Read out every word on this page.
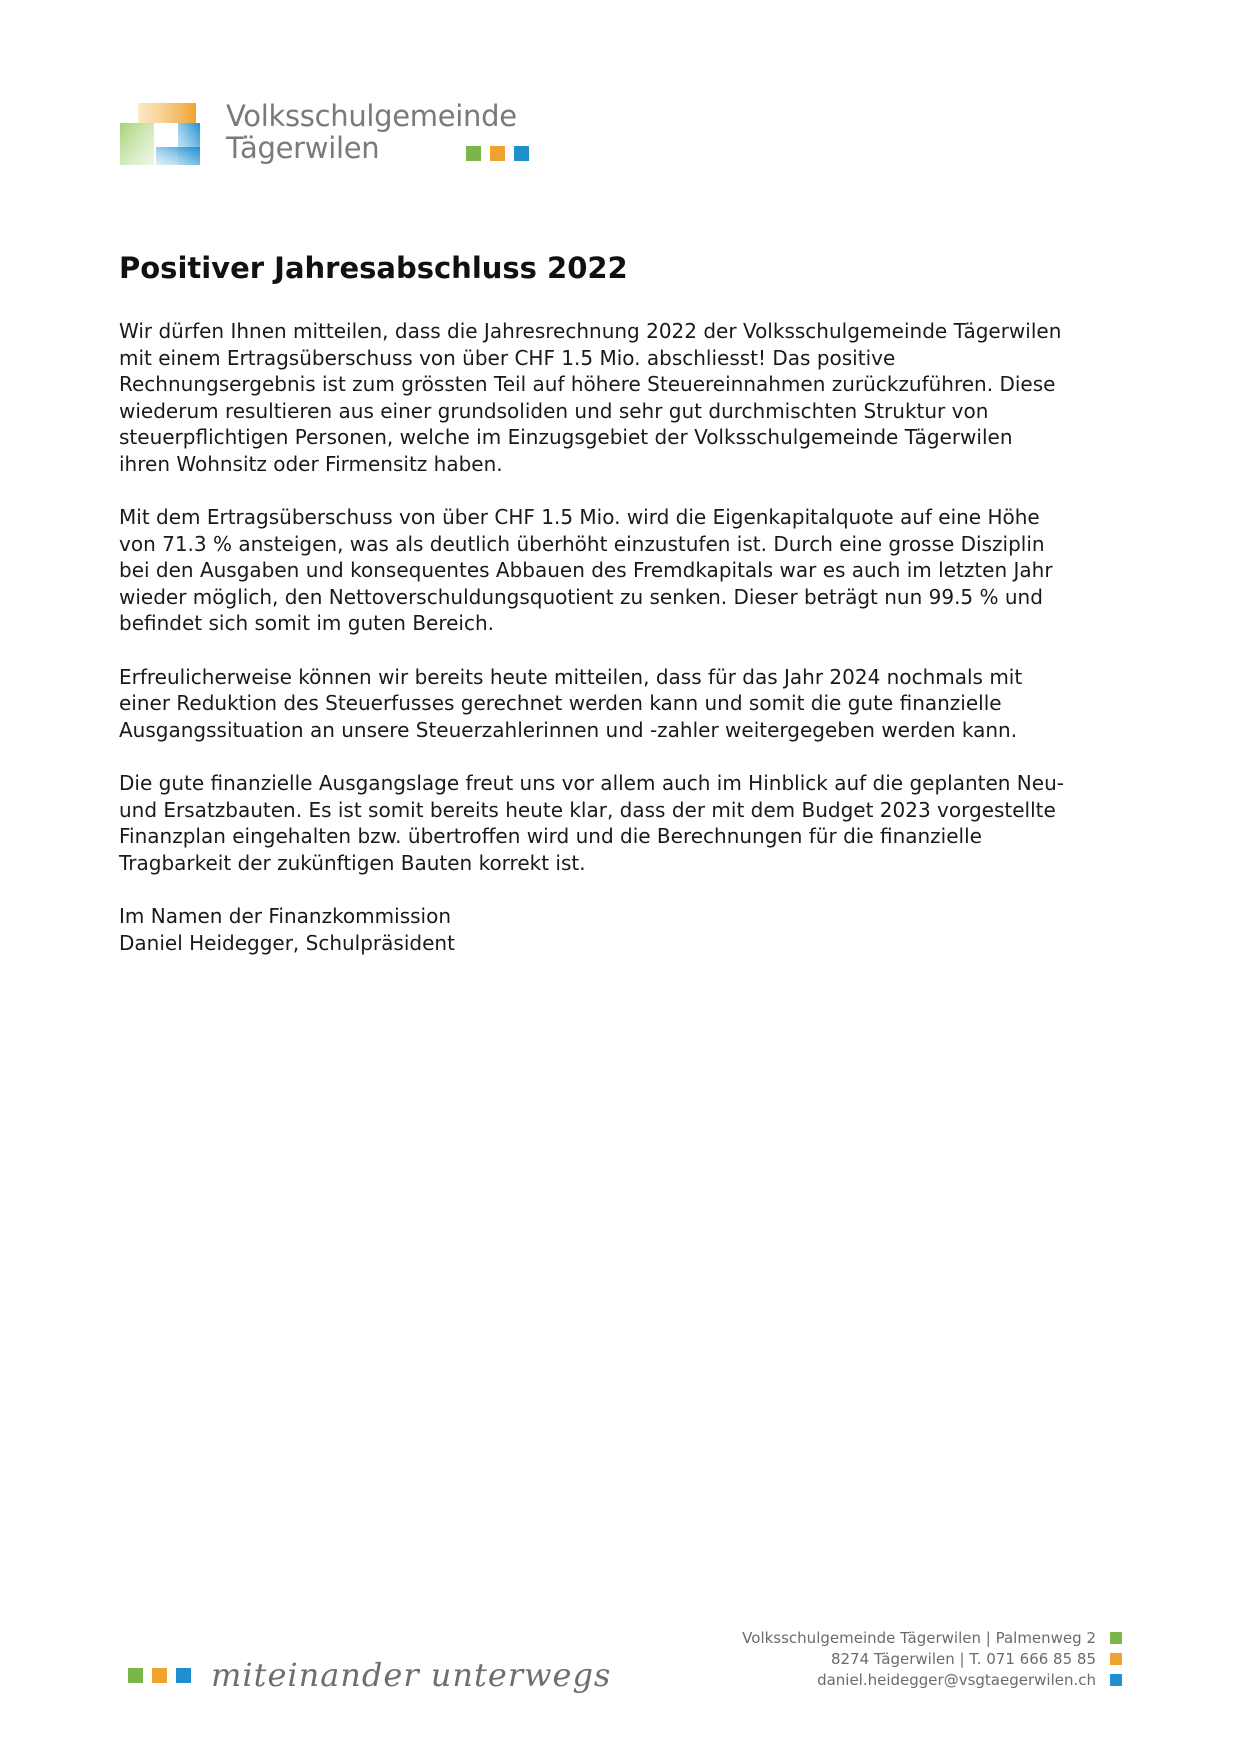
Volksschulgemeinde
Tägerwilen
Positiver Jahresabschluss 2022

Wir dürfen Ihnen mitteilen, dass die Jahresrechnung 2022 der Volksschulgemeinde Tägerwilen
mit einem Ertragsüberschuss von über CHF 1.5 Mio. abschliesst! Das positive
Rechnungsergebnis ist zum grössten Teil auf höhere Steuereinnahmen zurückzuführen. Diese
wiederum resultieren aus einer grundsoliden und sehr gut durchmischten Struktur von
steuerpflichtigen Personen, welche im Einzugsgebiet der Volksschulgemeinde Tägerwilen
ihren Wohnsitz oder Firmensitz haben.

Mit dem Ertragsüberschuss von über CHF 1.5 Mio. wird die Eigenkapitalquote auf eine Höhe
von 71.3 % ansteigen, was als deutlich überhöht einzustufen ist. Durch eine grosse Disziplin
bei den Ausgaben und konsequentes Abbauen des Fremdkapitals war es auch im letzten Jahr
wieder möglich, den Nettoverschuldungsquotient zu senken. Dieser beträgt nun 99.5 % und
befindet sich somit im guten Bereich.

Erfreulicherweise können wir bereits heute mitteilen, dass für das Jahr 2024 nochmals mit
einer Reduktion des Steuerfusses gerechnet werden kann und somit die gute finanzielle
Ausgangssituation an unsere Steuerzahlerinnen und -zahler weitergegeben werden kann.

Die gute finanzielle Ausgangslage freut uns vor allem auch im Hinblick auf die geplanten Neu-
und Ersatzbauten. Es ist somit bereits heute klar, dass der mit dem Budget 2023 vorgestellte
Finanzplan eingehalten bzw. übertroffen wird und die Berechnungen für die finanzielle
Tragbarkeit der zukünftigen Bauten korrekt ist.

Im Namen der Finanzkommission
Daniel Heidegger, Schulpräsident

miteinander unterwegs
Volksschulgemeinde Tägerwilen | Palmenweg 2
8274 Tägerwilen | T. 071 666 85 85
daniel.heidegger@vsgtaegerwilen.ch
